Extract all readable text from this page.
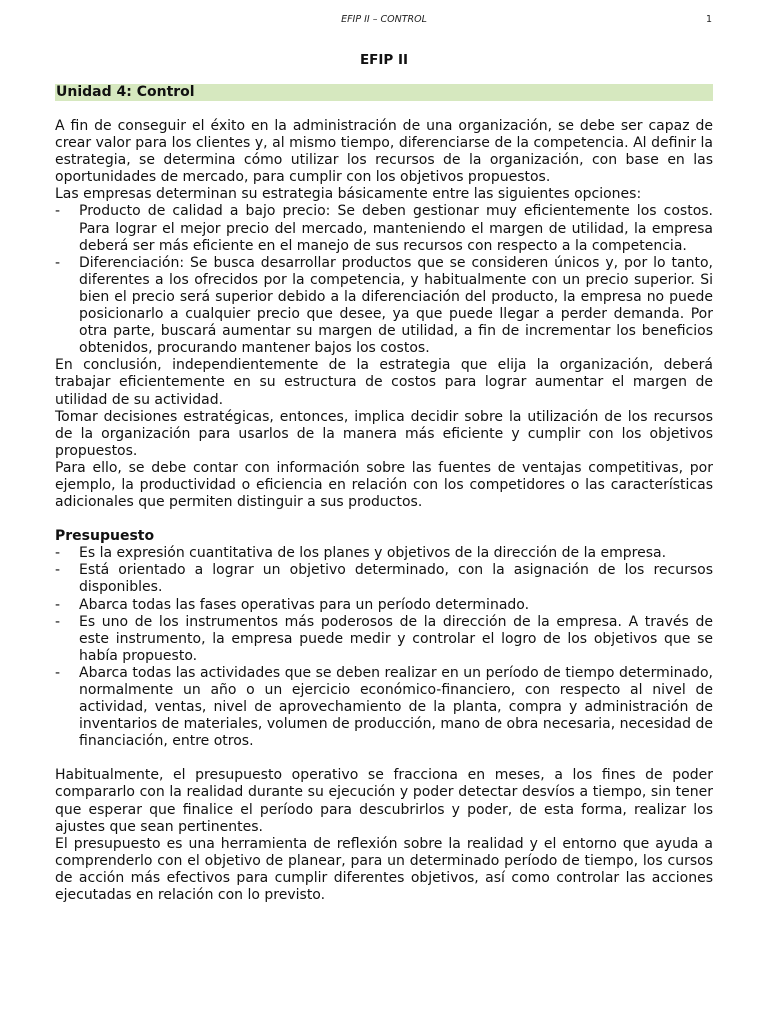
EFIP II – CONTROL	1
EFIP II
Unidad 4: Control

A fin de conseguir el éxito en la administración de una organización, se debe ser capaz de crear valor para los clientes y, al mismo tiempo, diferenciarse de la competencia. Al definir la estrategia, se determina cómo utilizar los recursos de la organización, con base en las oportunidades de mercado, para cumplir con los objetivos propuestos.

Las empresas determinan su estrategia básicamente entre las siguientes opciones:

- Producto de calidad a bajo precio: Se deben gestionar muy eficientemente los costos. Para lograr el mejor precio del mercado, manteniendo el margen de utilidad, la empresa deberá ser más eficiente en el manejo de sus recursos con respecto a la competencia.
- Diferenciación: Se busca desarrollar productos que se consideren únicos y, por lo tanto, diferentes a los ofrecidos por la competencia, y habitualmente con un precio superior. Si bien el precio será superior debido a la diferenciación del producto, la empresa no puede posicionarlo a cualquier precio que desee, ya que puede llegar a perder demanda. Por otra parte, buscará aumentar su margen de utilidad, a fin de incrementar los beneficios obtenidos, procurando mantener bajos los costos.

En conclusión, independientemente de la estrategia que elija la organización, deberá trabajar eficientemente en su estructura de costos para lograr aumentar el margen de utilidad de su actividad.

Tomar decisiones estratégicas, entonces, implica decidir sobre la utilización de los recursos de la organización para usarlos de la manera más eficiente y cumplir con los objetivos propuestos.

Para ello, se debe contar con información sobre las fuentes de ventajas competitivas, por ejemplo, la productividad o eficiencia en relación con los competidores o las características adicionales que permiten distinguir a sus productos.

Presupuesto
- Es la expresión cuantitativa de los planes y objetivos de la dirección de la empresa.
- Está orientado a lograr un objetivo determinado, con la asignación de los recursos disponibles.
- Abarca todas las fases operativas para un período determinado.
- Es uno de los instrumentos más poderosos de la dirección de la empresa. A través de este instrumento, la empresa puede medir y controlar el logro de los objetivos que se había propuesto.
- Abarca todas las actividades que se deben realizar en un período de tiempo determinado, normalmente un año o un ejercicio económico-financiero, con respecto al nivel de actividad, ventas, nivel de aprovechamiento de la planta, compra y administración de inventarios de materiales, volumen de producción, mano de obra necesaria, necesidad de financiación, entre otros.

Habitualmente, el presupuesto operativo se fracciona en meses, a los fines de poder compararlo con la realidad durante su ejecución y poder detectar desvíos a tiempo, sin tener que esperar que finalice el período para descubrirlos y poder, de esta forma, realizar los ajustes que sean pertinentes.

El presupuesto es una herramienta de reflexión sobre la realidad y el entorno que ayuda a comprenderlo con el objetivo de planear, para un determinado período de tiempo, los cursos de acción más efectivos para cumplir diferentes objetivos, así como controlar las acciones ejecutadas en relación con lo previsto.
